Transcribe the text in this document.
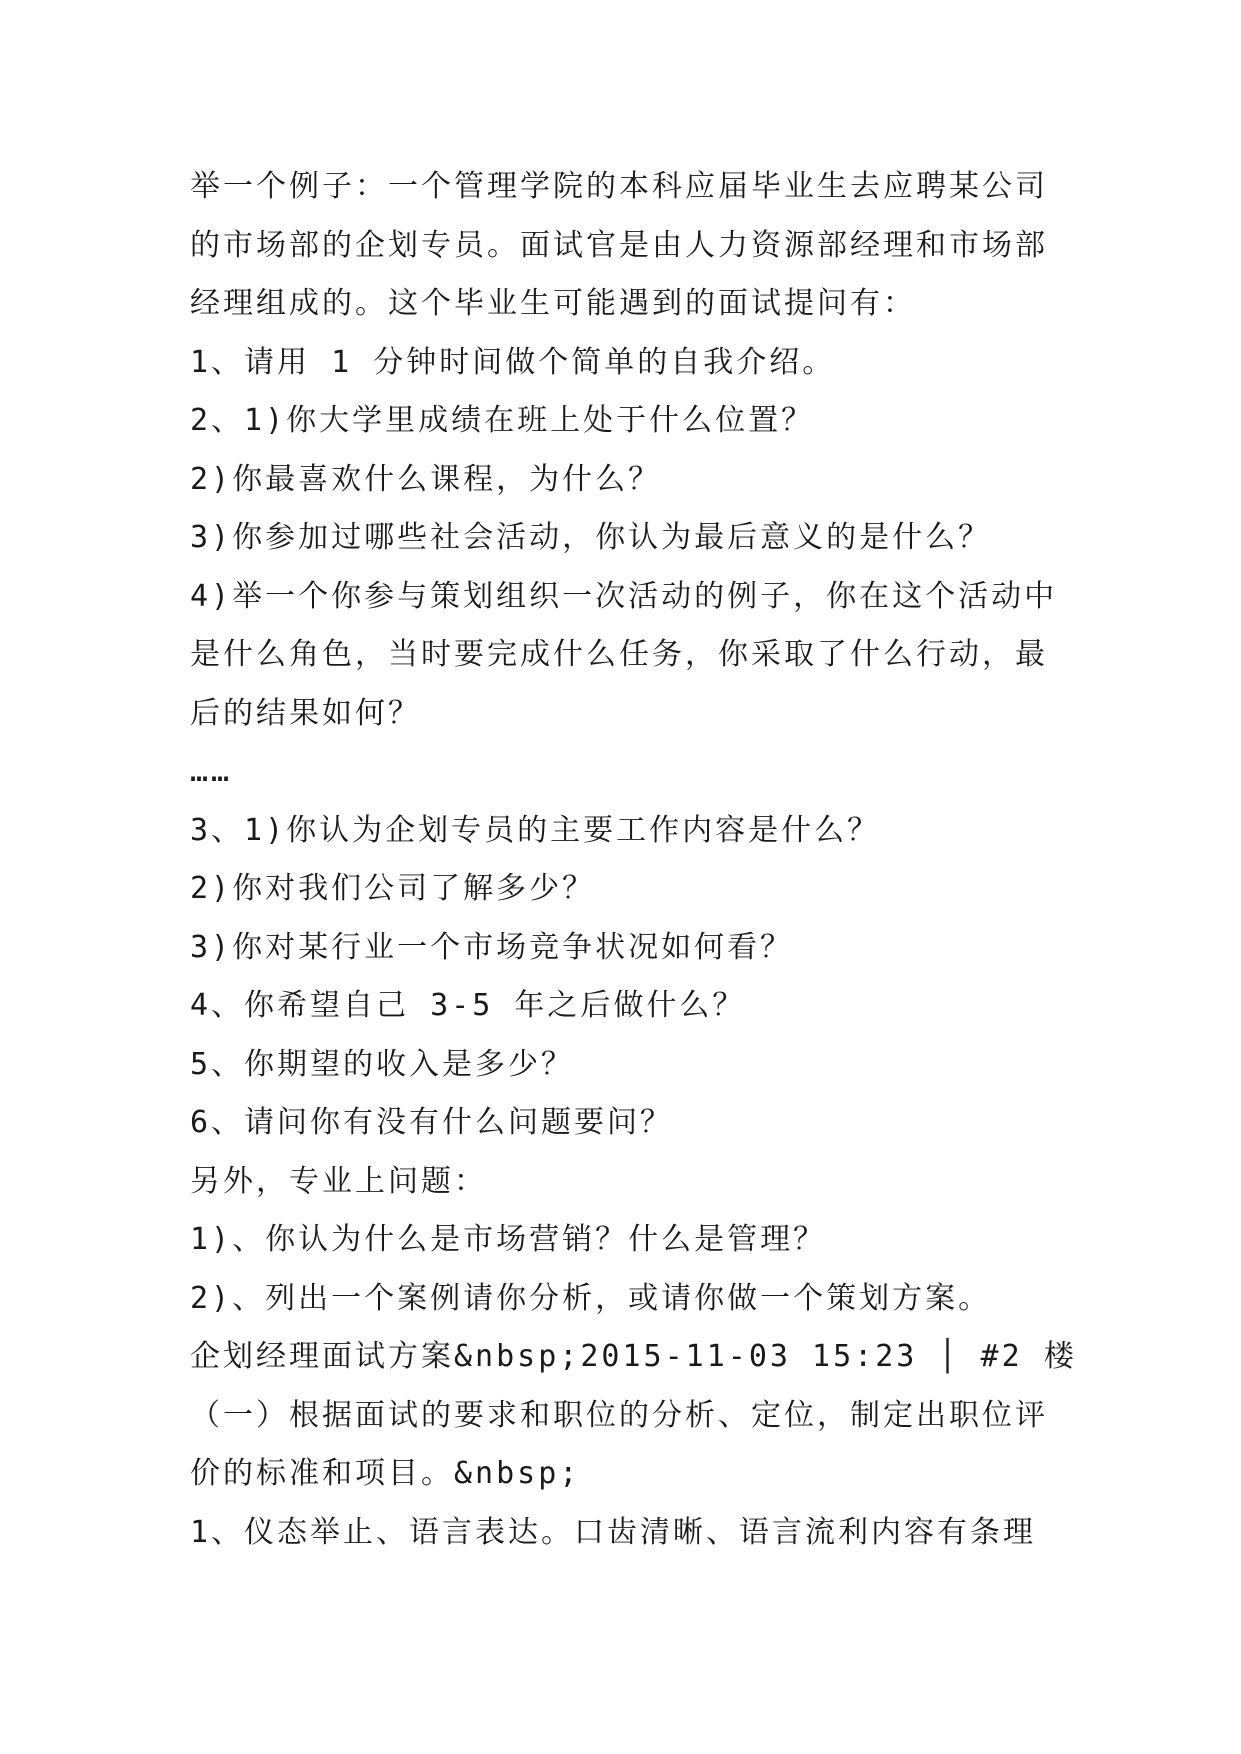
举一个例子：一个管理学院的本科应届毕业生去应聘某公司
的市场部的企划专员。面试官是由人力资源部经理和市场部
经理组成的。这个毕业生可能遇到的面试提问有：
1、请用 1 分钟时间做个简单的自我介绍。
2、1)你大学里成绩在班上处于什么位置？
2)你最喜欢什么课程，为什么？
3)你参加过哪些社会活动，你认为最后意义的是什么？
4)举一个你参与策划组织一次活动的例子，你在这个活动中
是什么角色，当时要完成什么任务，你采取了什么行动，最
后的结果如何？
……
3、1)你认为企划专员的主要工作内容是什么？
2)你对我们公司了解多少？
3)你对某行业一个市场竞争状况如何看？
4、你希望自己 3-5 年之后做什么？
5、你期望的收入是多少？
6、请问你有没有什么问题要问？
另外，专业上问题：
1)、你认为什么是市场营销？什么是管理？
2)、列出一个案例请你分析，或请你做一个策划方案。
企划经理面试方案&nbsp;2015-11-03 15:23 │ #2 楼
（一）根据面试的要求和职位的分析、定位，制定出职位评
价的标准和项目。&nbsp;
1、仪态举止、语言表达。口齿清晰、语言流利内容有条理
